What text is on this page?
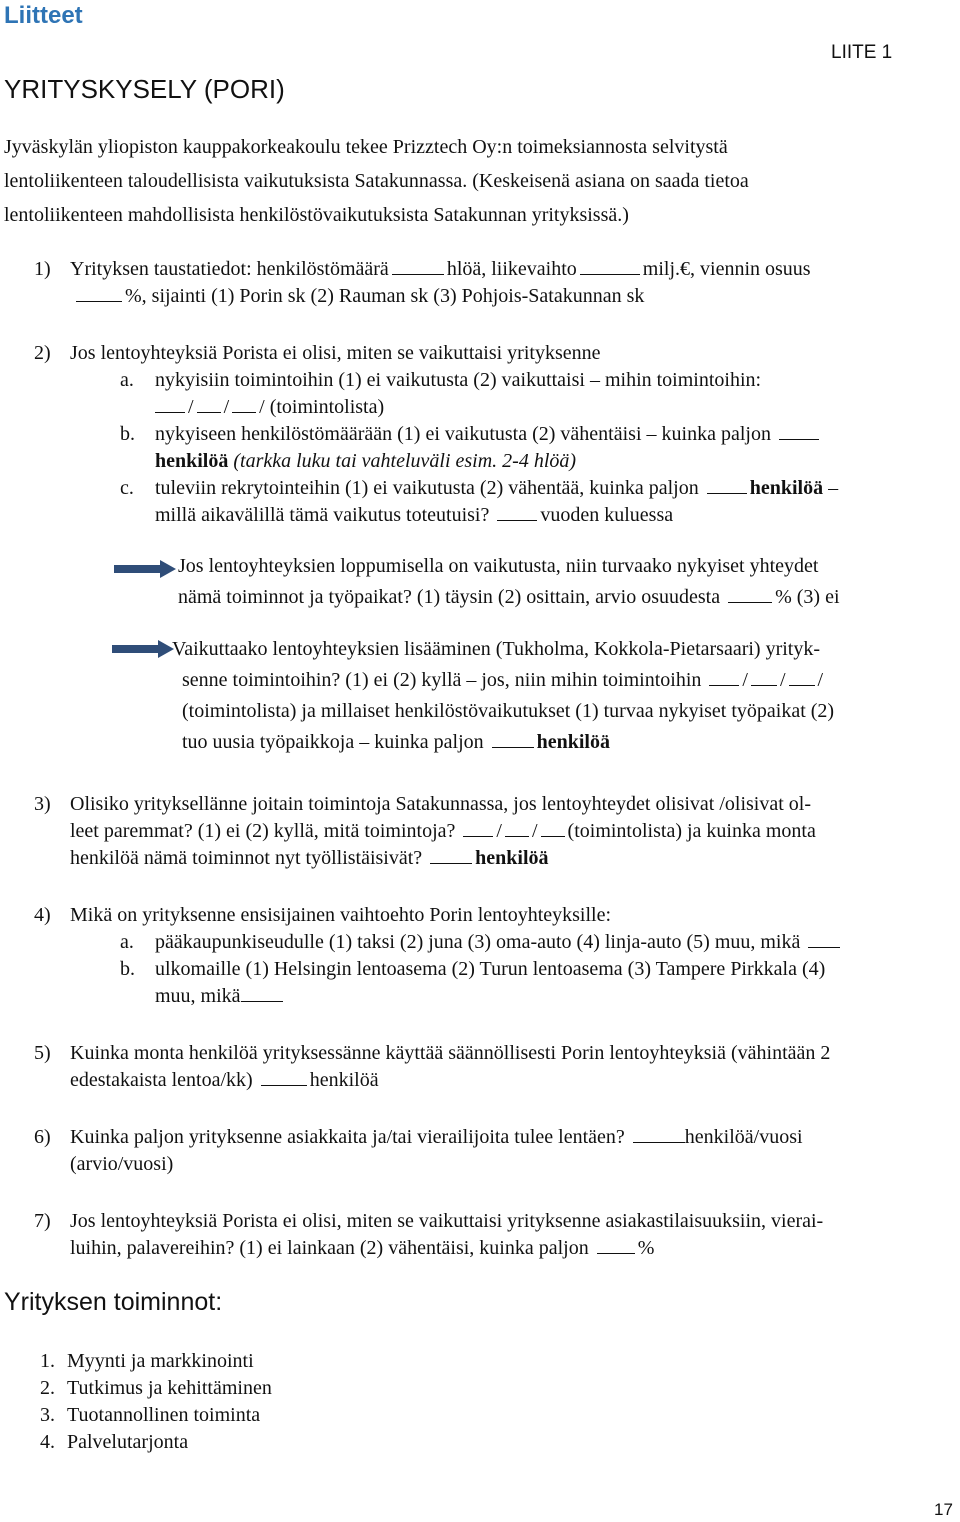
Liitteet
LIITE 1
YRITYSKYSELY (PORI)
Jyväskylän yliopiston kauppakorkeakoulu tekee Prizztech Oy:n toimeksiannosta selvitystä
lentoliikenteen taloudellisista vaikutuksista Satakunnassa. (Keskeisenä asiana on saada tietoa
lentoliikenteen mahdollisista henkilöstövaikutuksista Satakunnan yrityksissä.)
1) Yrityksen taustatiedot: henkilöstömäärä	hlöä, liikevaihto	milj.€, viennin osuus
%, sijainti (1) Porin sk (2) Rauman sk (3) Pohjois-Satakunnan sk
2) Jos lentoyhteyksiä Porista ei olisi, miten se vaikuttaisi yrityksenne
a. nykyisiin toimintoihin (1) ei vaikutusta (2) vaikuttaisi – mihin toimintoihin:
/ / / (toimintolista)
b. nykyiseen henkilöstömäärään (1) ei vaikutusta (2) vähentäisi – kuinka paljon
henkilöä (tarkka luku tai vahteluväli esim. 2-4 hlöä)
c. tuleviin rekrytointeihin (1) ei vaikutusta (2) vähentää, kuinka paljon	henkilöä –
millä aikavälillä tämä vaikutus toteutuisi?	vuoden kuluessa
Jos lentoyhteyksien loppumisella on vaikutusta, niin turvaako nykyiset yhteydet
nämä toiminnot ja työpaikat? (1) täysin (2) osittain, arvio osuudesta	% (3) ei
Vaikuttaako lentoyhteyksien lisääminen (Tukholma, Kokkola-Pietarsaari) yrityk-
senne toimintoihin? (1) ei (2) kyllä – jos, niin mihin toimintoihin / / /
(toimintolista) ja millaiset henkilöstövaikutukset (1) turvaa nykyiset työpaikat (2)
tuo uusia työpaikkoja – kuinka paljon	henkilöä
3) Olisiko yrityksellänne joitain toimintoja Satakunnassa, jos lentoyhteydet olisivat /olisivat ol-
leet paremmat? (1) ei (2) kyllä, mitä toimintoja? / / (toimintolista) ja kuinka monta
henkilöä nämä toiminnot nyt työllistäisivät?	henkilöä
4) Mikä on yrityksenne ensisijainen vaihtoehto Porin lentoyhteyksille:
a. pääkaupunkiseudulle (1) taksi (2) juna (3) oma-auto (4) linja-auto (5) muu, mikä
b. ulkomaille (1) Helsingin lentoasema (2) Turun lentoasema (3) Tampere Pirkkala (4)
muu, mikä
5) Kuinka monta henkilöä yrityksessänne käyttää säännöllisesti Porin lentoyhteyksiä (vähintään 2
edestakaista lentoa/kk)	henkilöä
6) Kuinka paljon yrityksenne asiakkaita ja/tai vierailijoita tulee lentäen?	henkilöä/vuosi
(arvio/vuosi)
7) Jos lentoyhteyksiä Porista ei olisi, miten se vaikuttaisi yrityksenne asiakastilaisuuksiin, vierai-
luihin, palavereihin? (1) ei lainkaan (2) vähentäisi, kuinka paljon %
Yrityksen toiminnot:
1. Myynti ja markkinointi
2. Tutkimus ja kehittäminen
3. Tuotannollinen toiminta
4. Palvelutarjonta
17
